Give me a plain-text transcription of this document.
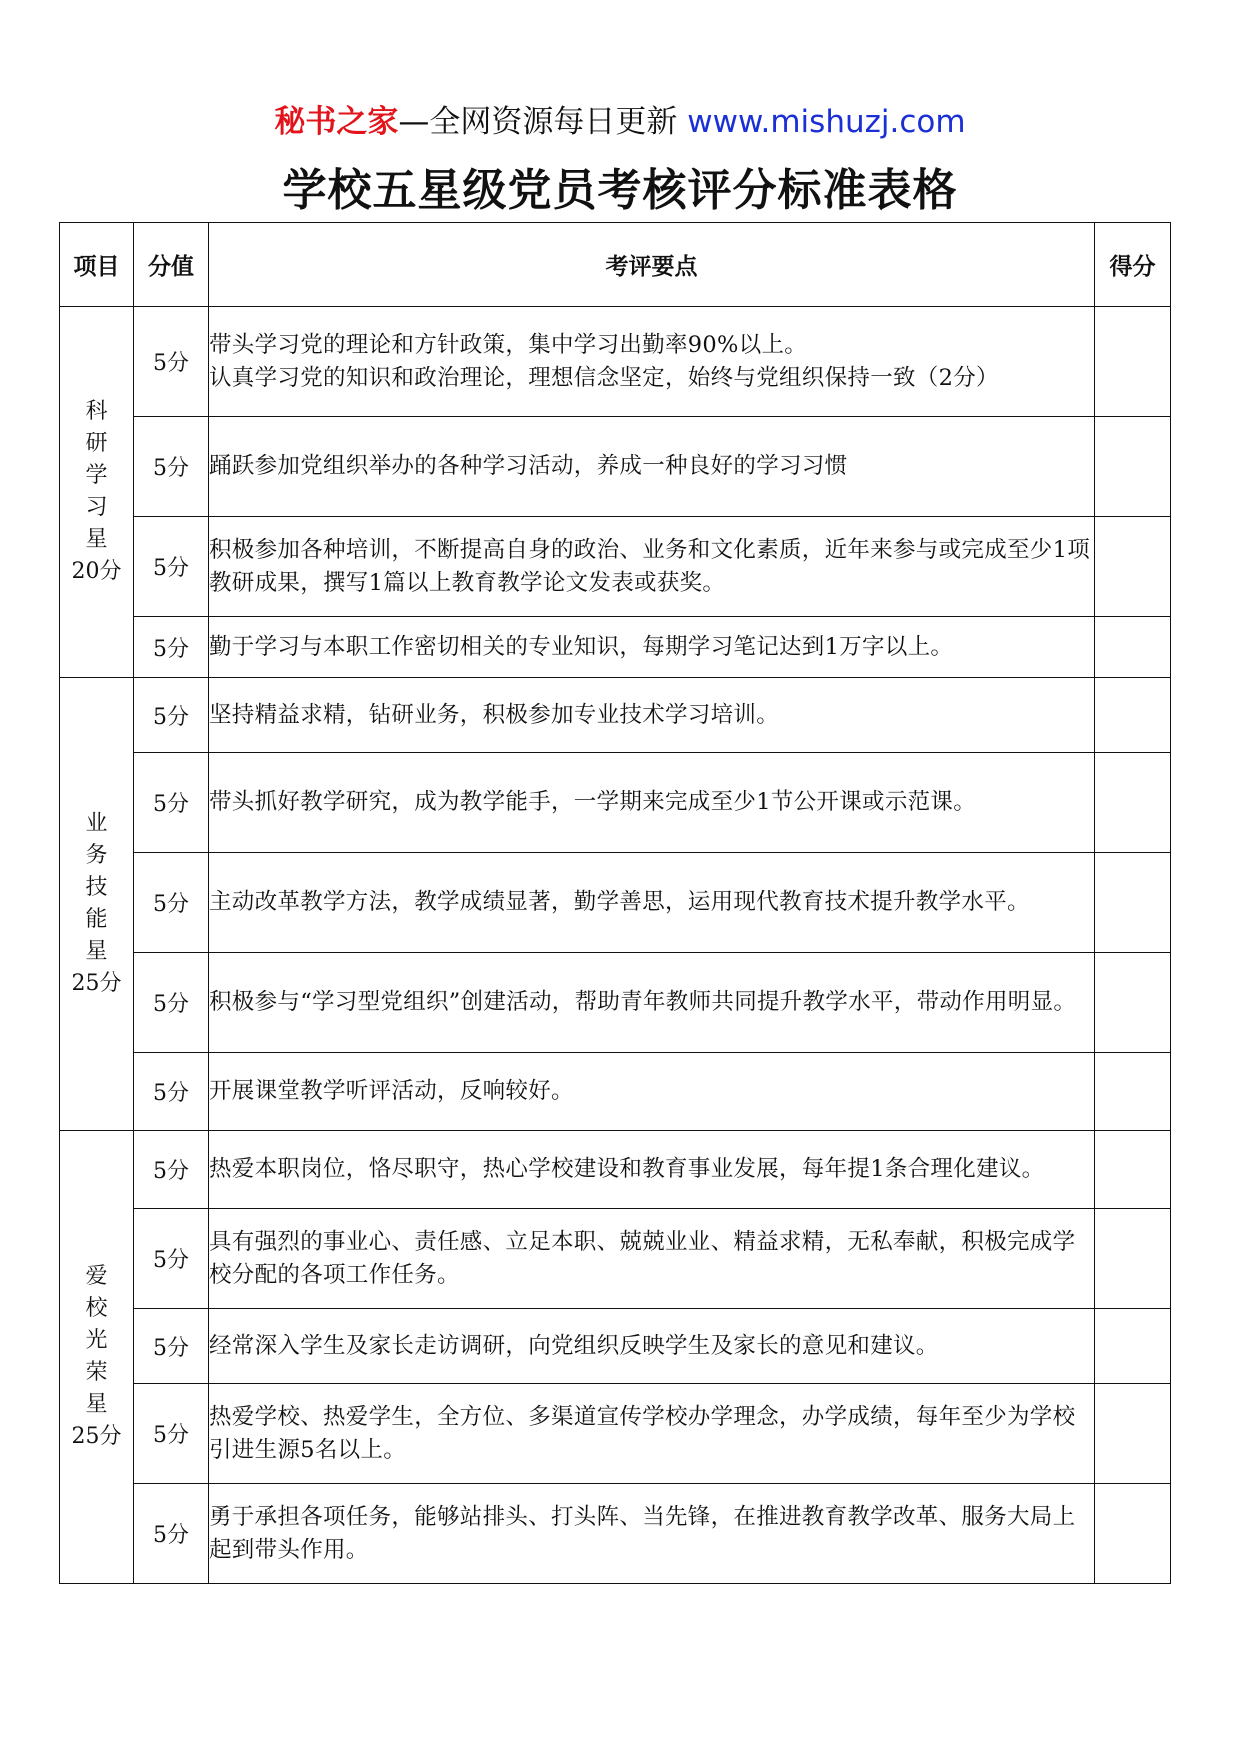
秘书之家—全网资源每日更新 www.mishuzj.com
学校五星级党员考核评分标准表格
项目	分值	考评要点	得分

科研学习星
20分	5分	带头学习党的理论和方针政策，集中学习出勤率90%以上。
认真学习党的知识和政治理论，理想信念坚定，始终与党组织保持一致（2分）	
	5分	踊跃参加党组织举办的各种学习活动，养成一种良好的学习习惯	
	5分	积极参加各种培训，不断提高自身的政治、业务和文化素质，近年来参与或完成至少1项教研成果，撰写1篇以上教育教学论文发表或获奖。	
	5分	勤于学习与本职工作密切相关的专业知识，每期学习笔记达到1万字以上。	

业务技能星
25分	5分	坚持精益求精，钻研业务，积极参加专业技术学习培训。	
	5分	带头抓好教学研究，成为教学能手，一学期来完成至少1节公开课或示范课。	
	5分	主动改革教学方法，教学成绩显著，勤学善思，运用现代教育技术提升教学水平。	
	5分	积极参与“学习型党组织”创建活动，帮助青年教师共同提升教学水平，带动作用明显。	
	5分	开展课堂教学听评活动，反响较好。	

爱校光荣星
25分	5分	热爱本职岗位，恪尽职守，热心学校建设和教育事业发展，每年提1条合理化建议。	
	5分	具有强烈的事业心、责任感、立足本职、兢兢业业、精益求精，无私奉献，积极完成学校分配的各项工作任务。	
	5分	经常深入学生及家长走访调研，向党组织反映学生及家长的意见和建议。	
	5分	热爱学校、热爱学生，全方位、多渠道宣传学校办学理念，办学成绩，每年至少为学校引进生源5名以上。	
	5分	勇于承担各项任务，能够站排头、打头阵、当先锋，在推进教育教学改革、服务大局上起到带头作用。	
